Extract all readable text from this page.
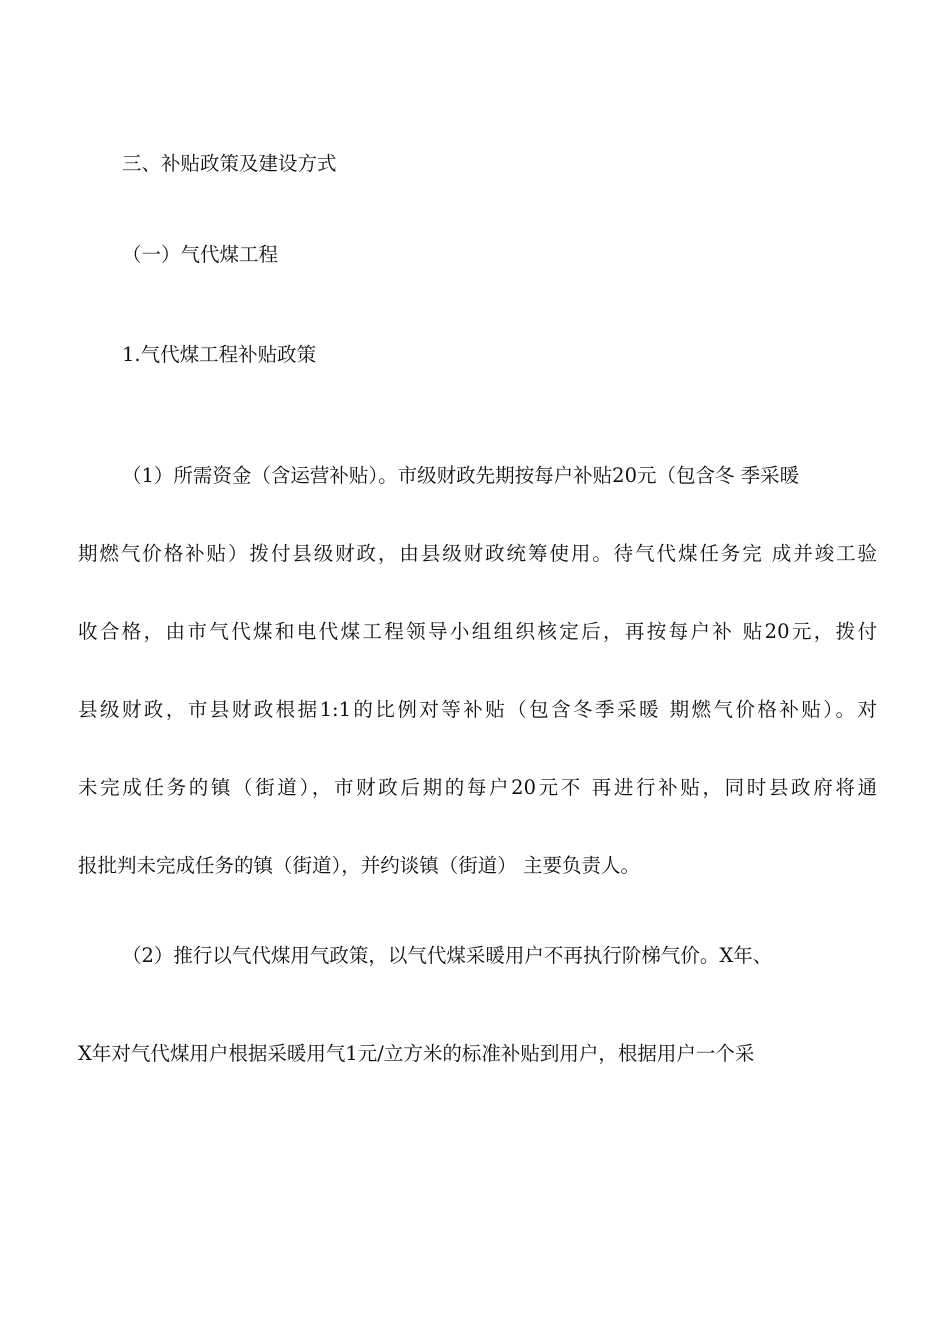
三、补贴政策及建设方式

（一）气代煤工程

1.气代煤工程补贴政策

（1）所需资金（含运营补贴）。市级财政先期按每户补贴20元（包含冬 季采暖

期燃气价格补贴）拨付县级财政，由县级财政统筹使用。待气代煤任务完 成并竣工验

收合格，由市气代煤和电代煤工程领导小组组织核定后，再按每户补 贴20元，拨付

县级财政，市县财政根据1:1的比例对等补贴（包含冬季采暖 期燃气价格补贴）。对

未完成任务的镇（街道），市财政后期的每户20元不 再进行补贴，同时县政府将通

报批判未完成任务的镇（街道），并约谈镇（街道） 主要负责人。

（2）推行以气代煤用气政策，以气代煤采暖用户不再执行阶梯气价。X年、

X年对气代煤用户根据采暖用气1元/立方米的标准补贴到用户，根据用户一个采
